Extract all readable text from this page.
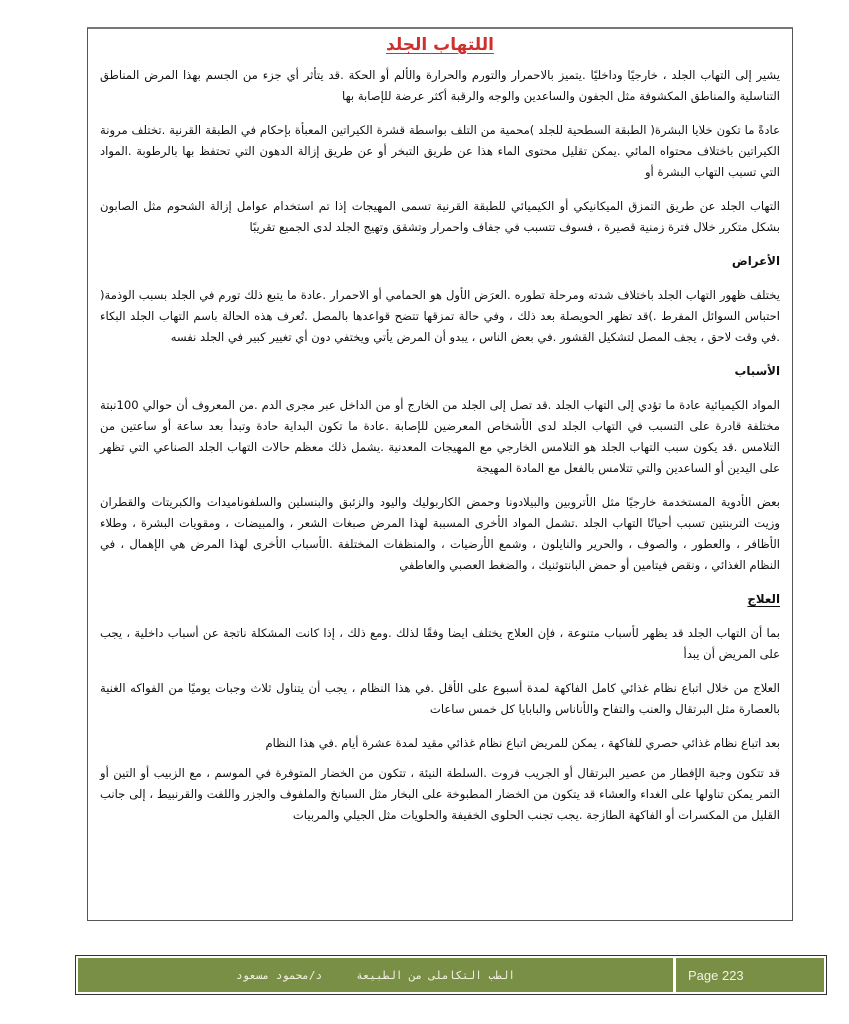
اللتهاب الجلد

يشير إلى التهاب الجلد ، خارجيًا وداخليًا .يتميز بالاحمرار والتورم والحرارة والألم أو الحكة .قد يتأثر أي جزء من الجسم بهذا المرض المناطق التناسلية والمناطق المكشوفة مثل الجفون والساعدين والوجه والرقبة أكثر عرضة للإصابة بها

عادةً ما تكون خلايا البشرة( الطبقة السطحية للجلد )محمية من التلف بواسطة قشرة الكيراتين المعبأة بإحكام في الطبقة القرنية .تختلف مرونة الكيراتين باختلاف محتواه المائي .يمكن تقليل محتوى الماء هذا عن طريق التبخر أو عن طريق إزالة الدهون التي تحتفظ بها بالرطوبة .المواد التي تسبب التهاب البشرة أو

التهاب الجلد عن طريق التمزق الميكانيكي أو الكيميائي للطبقة القرنية تسمى المهيجات إذا تم استخدام عوامل إزالة الشحوم مثل الصابون بشكل متكرر خلال فترة زمنية قصيرة ، فسوف تتسبب في جفاف واحمرار وتشقق وتهيج الجلد لدى الجميع تقريبًا

الأعراض

يختلف ظهور التهاب الجلد باختلاف شدته ومرحلة تطوره .العرَض الأول هو الحمامي أو الاحمرار .عادة ما يتبع ذلك تورم في الجلد بسبب الوذمة( احتباس السوائل المفرط .)قد تظهر الحويصلة بعد ذلك ، وفي حالة تمزقها تتضح قواعدها بالمصل .تُعرف هذه الحالة باسم التهاب الجلد البكاء .في وقت لاحق ، يجف المصل لتشكيل القشور .في بعض الناس ، يبدو أن المرض يأتي ويختفي دون أي تغيير كبير في الجلد نفسه

الأسباب

المواد الكيميائية عادة ما تؤدي إلى التهاب الجلد .قد تصل إلى الجلد من الخارج أو من الداخل عبر مجرى الدم .من المعروف أن حوالي 100نبتة مختلفة قادرة على التسبب في التهاب الجلد لدى الأشخاص المعرضين للإصابة .عادة ما تكون البداية حادة وتبدأ بعد ساعة أو ساعتين من التلامس .قد يكون سبب التهاب الجلد هو التلامس الخارجي مع المهيجات المعدنية .يشمل ذلك معظم حالات التهاب الجلد الصناعي التي تظهر على اليدين أو الساعدين والتي تتلامس بالفعل مع المادة المهيجة

بعض الأدوية المستخدمة خارجيًا مثل الأتروبين والبيلادونا وحمض الكاربوليك واليود والزئبق والبنسلين والسلفوناميدات والكبريتات والقطران وزيت التربنتين تسبب أحيانًا التهاب الجلد .تشمل المواد الأخرى المسببة لهذا المرض صبغات الشعر ، والمبيضات ، ومقويات البشرة ، وطلاء الأظافر ، والعطور ، والصوف ، والحرير والنايلون ، وشمع الأرضيات ، والمنظفات المختلفة .الأسباب الأخرى لهذا المرض هي الإهمال ، في النظام الغذائي ، ونقص فيتامين أو حمض البانتوثنيك ، والضغط العصبي والعاطفي

العلاج

بما أن التهاب الجلد قد يظهر لأسباب متنوعة ، فإن العلاج يختلف ايضا وفقًا لذلك .ومع ذلك ، إذا كانت المشكلة ناتجة عن أسباب داخلية ، يجب على المريض أن يبدأ

العلاج من خلال اتباع نظام غذائي كامل الفاكهة لمدة أسبوع على الأقل .في هذا النظام ، يجب أن يتناول ثلاث وجبات يوميًا من الفواكه الغنية بالعصارة مثل البرتقال والعنب والتفاح والأناناس والبابايا كل خمس ساعات

بعد اتباع نظام غذائي حصري للفاكهة ، يمكن للمريض اتباع نظام غذائي مقيد لمدة عشرة أيام .في هذا النظام

قد تتكون وجبة الإفطار من عصير البرتقال أو الجريب فروت .السلطة النيئة ، تتكون من الخضار المتوفرة في الموسم ، مع الزبيب أو التين أو التمر يمكن تناولها على الغداء والعشاء قد يتكون من الخضار المطبوخة على البخار مثل السبانخ والملفوف والجزر واللفت والقرنبيط ، إلى جانب القليل من المكسرات أو الفاكهة الطازجة .يجب تجنب الحلوى الخفيفة والحلويات مثل الجيلي والمربيات

الطب التكاملى من الطبيعة
د/محمود مسعود	Page 223
